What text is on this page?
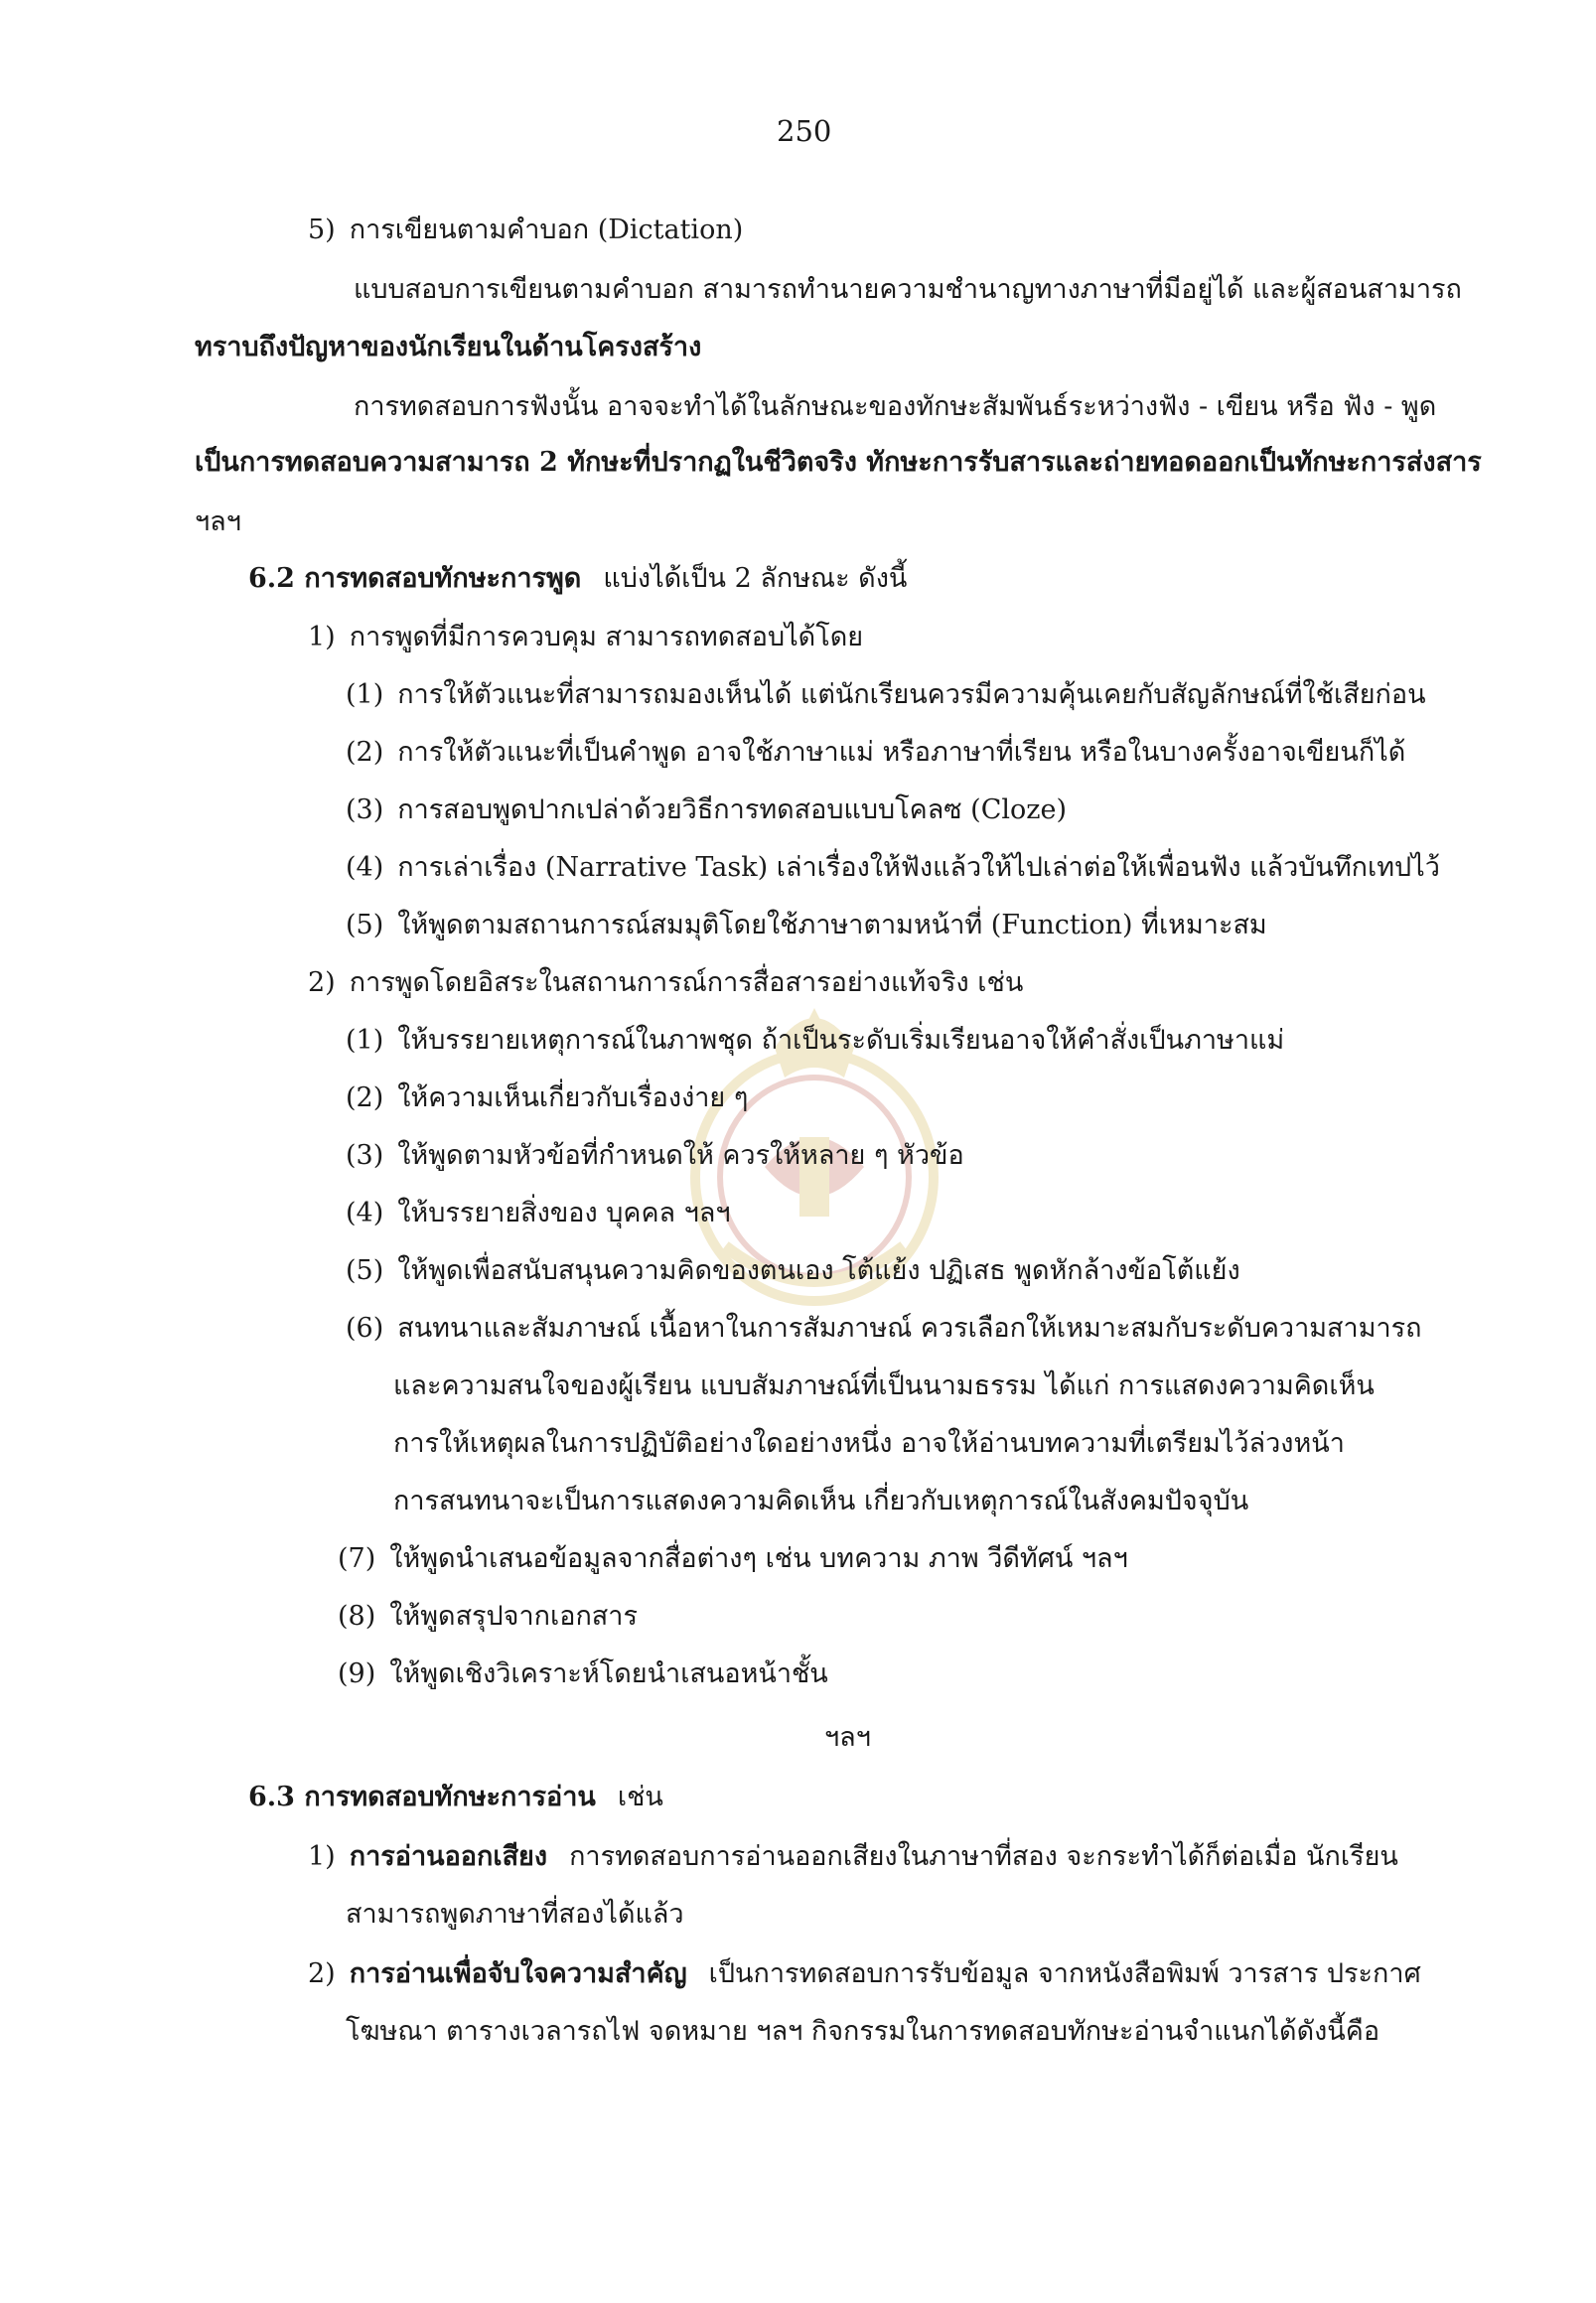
250
5) การเขียนตามคำบอก (Dictation)
แบบสอบการเขียนตามคำบอก สามารถทำนายความชำนาญทางภาษาที่มีอยู่ได้ และผู้สอนสามารถ
ทราบถึงปัญหาของนักเรียนในด้านโครงสร้าง
การทดสอบการฟังนั้น อาจจะทำได้ในลักษณะของทักษะสัมพันธ์ระหว่างฟัง - เขียน หรือ ฟัง - พูด
เป็นการทดสอบความสามารถ 2 ทักษะที่ปรากฏในชีวิตจริง ทักษะการรับสารและถ่ายทอดออกเป็นทักษะการส่งสาร
ฯลฯ
6.2 การทดสอบทักษะการพูด แบ่งได้เป็น 2 ลักษณะ ดังนี้
1) การพูดที่มีการควบคุม สามารถทดสอบได้โดย
(1) การให้ตัวแนะที่สามารถมองเห็นได้ แต่นักเรียนควรมีความคุ้นเคยกับสัญลักษณ์ที่ใช้เสียก่อน
(2) การให้ตัวแนะที่เป็นคำพูด อาจใช้ภาษาแม่ หรือภาษาที่เรียน หรือในบางครั้งอาจเขียนก็ได้
(3) การสอบพูดปากเปล่าด้วยวิธีการทดสอบแบบโคลซ (Cloze)
(4) การเล่าเรื่อง (Narrative Task) เล่าเรื่องให้ฟังแล้วให้ไปเล่าต่อให้เพื่อนฟัง แล้วบันทึกเทปไว้
(5) ให้พูดตามสถานการณ์สมมุติโดยใช้ภาษาตามหน้าที่ (Function) ที่เหมาะสม
2) การพูดโดยอิสระในสถานการณ์การสื่อสารอย่างแท้จริง เช่น
(1) ให้บรรยายเหตุการณ์ในภาพชุด ถ้าเป็นระดับเริ่มเรียนอาจให้คำสั่งเป็นภาษาแม่
(2) ให้ความเห็นเกี่ยวกับเรื่องง่าย ๆ
(3) ให้พูดตามหัวข้อที่กำหนดให้ ควรให้หลาย ๆ หัวข้อ
(4) ให้บรรยายสิ่งของ บุคคล ฯลฯ
(5) ให้พูดเพื่อสนับสนุนความคิดของตนเอง โต้แย้ง ปฏิเสธ พูดหักล้างข้อโต้แย้ง
(6) สนทนาและสัมภาษณ์ เนื้อหาในการสัมภาษณ์ ควรเลือกให้เหมาะสมกับระดับความสามารถ
และความสนใจของผู้เรียน แบบสัมภาษณ์ที่เป็นนามธรรม ได้แก่ การแสดงความคิดเห็น
การให้เหตุผลในการปฏิบัติอย่างใดอย่างหนึ่ง อาจให้อ่านบทความที่เตรียมไว้ล่วงหน้า
การสนทนาจะเป็นการแสดงความคิดเห็น เกี่ยวกับเหตุการณ์ในสังคมปัจจุบัน
(7) ให้พูดนำเสนอข้อมูลจากสื่อต่างๆ เช่น บทความ ภาพ วีดีทัศน์ ฯลฯ
(8) ให้พูดสรุปจากเอกสาร
(9) ให้พูดเชิงวิเคราะห์โดยนำเสนอหน้าชั้น
ฯลฯ
6.3 การทดสอบทักษะการอ่าน เช่น
1) การอ่านออกเสียง การทดสอบการอ่านออกเสียงในภาษาที่สอง จะกระทำได้ก็ต่อเมื่อ นักเรียน
สามารถพูดภาษาที่สองได้แล้ว
2) การอ่านเพื่อจับใจความสำคัญ เป็นการทดสอบการรับข้อมูล จากหนังสือพิมพ์ วารสาร ประกาศ
โฆษณา ตารางเวลารถไฟ จดหมาย ฯลฯ กิจกรรมในการทดสอบทักษะอ่านจำแนกได้ดังนี้คือ
